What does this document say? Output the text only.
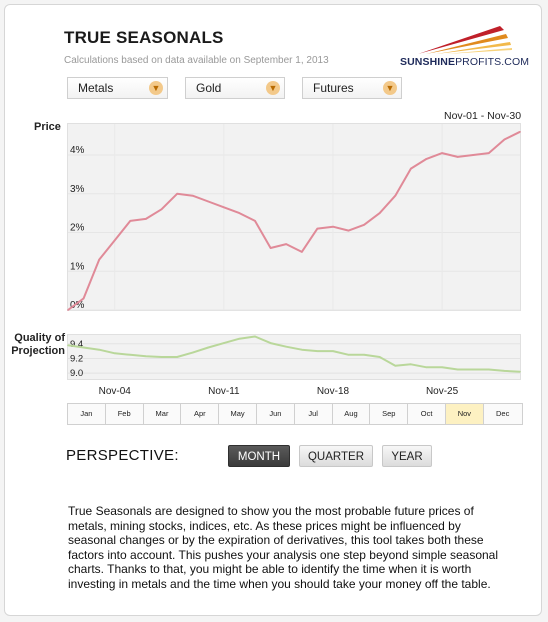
TRUE SEASONALS
Calculations based on data available on September 1, 2013	SUNSHINEPROFITS.COM
Metals	▼	Gold	▼	Futures	▼
Price
Nov-01 - Nov-30
Quality of Projection
0%
1%
2%
3%
4%
9.4
9.2
9.0
Nov-04	Nov-11	Nov-18	Nov-25
Jan	Feb	Mar	Apr	May	Jun	Jul	Aug	Sep	Oct	Nov	Dec
PERSPECTIVE:	MONTH	QUARTER	YEAR
True Seasonals are designed to show you the most probable future prices of metals, mining stocks, indices, etc. As these prices might be influenced by seasonal changes or by the expiration of derivatives, this tool takes both these factors into account. This pushes your analysis one step beyond simple seasonal charts. Thanks to that, you might be able to identify the time when it is worth investing in metals and the time when you should take your money off the table.
